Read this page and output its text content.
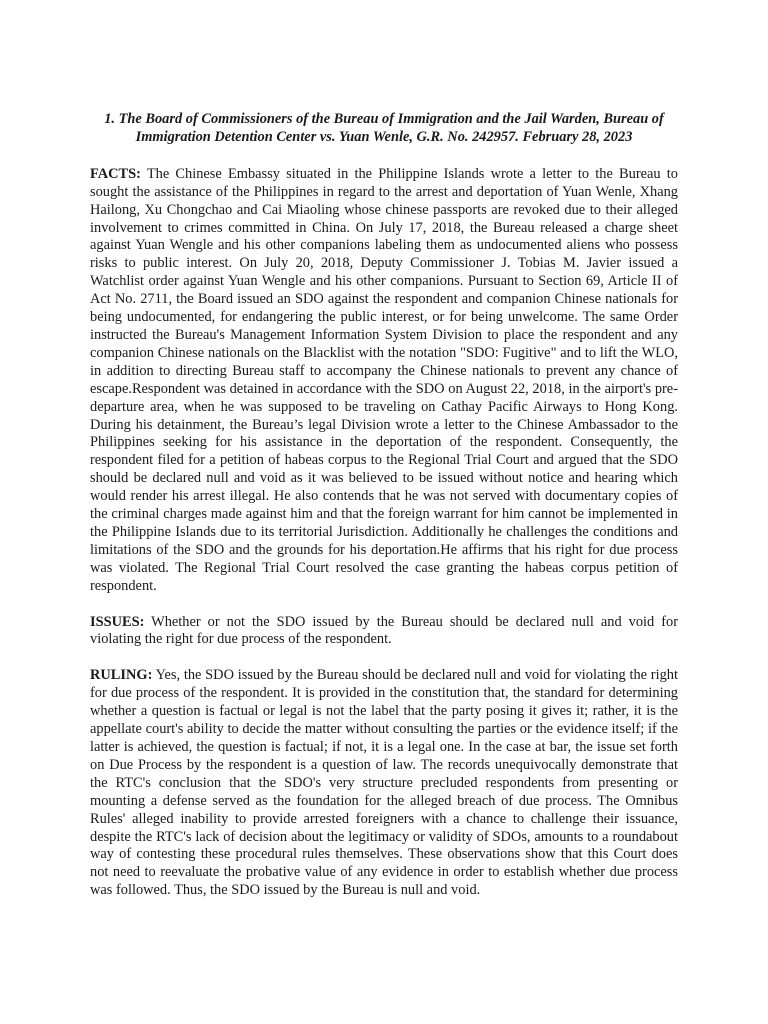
1. The Board of Commissioners of the Bureau of Immigration and the Jail Warden, Bureau of Immigration Detention Center vs. Yuan Wenle, G.R. No. 242957. February 28, 2023

FACTS: The Chinese Embassy situated in the Philippine Islands wrote a letter to the Bureau to sought the assistance of the Philippines in regard to the arrest and deportation of Yuan Wenle, Xhang Hailong, Xu Chongchao and Cai Miaoling whose chinese passports are revoked due to their alleged involvement to crimes committed in China. On July 17, 2018, the Bureau released a charge sheet against Yuan Wengle and his other companions labeling them as undocumented aliens who possess risks to public interest. On July 20, 2018, Deputy Commissioner J. Tobias M. Javier issued a Watchlist order against Yuan Wengle and his other companions. Pursuant to Section 69, Article II of Act No. 2711, the Board issued an SDO against the respondent and companion Chinese nationals for being undocumented, for endangering the public interest, or for being unwelcome. The same Order instructed the Bureau's Management Information System Division to place the respondent and any companion Chinese nationals on the Blacklist with the notation "SDO: Fugitive" and to lift the WLO, in addition to directing Bureau staff to accompany the Chinese nationals to prevent any chance of escape.Respondent was detained in accordance with the SDO on August 22, 2018, in the airport's pre-departure area, when he was supposed to be traveling on Cathay Pacific Airways to Hong Kong. During his detainment, the Bureau’s legal Division wrote a letter to the Chinese Ambassador to the Philippines seeking for his assistance in the deportation of the respondent. Consequently, the respondent filed for a petition of habeas corpus to the Regional Trial Court and argued that the SDO should be declared null and void as it was believed to be issued without notice and hearing which would render his arrest illegal. He also contends that he was not served with documentary copies of the criminal charges made against him and that the foreign warrant for him cannot be implemented in the Philippine Islands due to its territorial Jurisdiction. Additionally he challenges the conditions and limitations of the SDO and the grounds for his deportation.He affirms that his right for due process was violated. The Regional Trial Court resolved the case granting the habeas corpus petition of respondent.

ISSUES: Whether or not the SDO issued by the Bureau should be declared null and void for violating the right for due process of the respondent.

RULING: Yes, the SDO issued by the Bureau should be declared null and void for violating the right for due process of the respondent. It is provided in the constitution that, the standard for determining whether a question is factual or legal is not the label that the party posing it gives it; rather, it is the appellate court's ability to decide the matter without consulting the parties or the evidence itself; if the latter is achieved, the question is factual; if not, it is a legal one. In the case at bar, the issue set forth on Due Process by the respondent is a question of law. The records unequivocally demonstrate that the RTC's conclusion that the SDO's very structure precluded respondents from presenting or mounting a defense served as the foundation for the alleged breach of due process. The Omnibus Rules' alleged inability to provide arrested foreigners with a chance to challenge their issuance, despite the RTC's lack of decision about the legitimacy or validity of SDOs, amounts to a roundabout way of contesting these procedural rules themselves. These observations show that this Court does not need to reevaluate the probative value of any evidence in order to establish whether due process was followed. Thus, the SDO issued by the Bureau is null and void.
